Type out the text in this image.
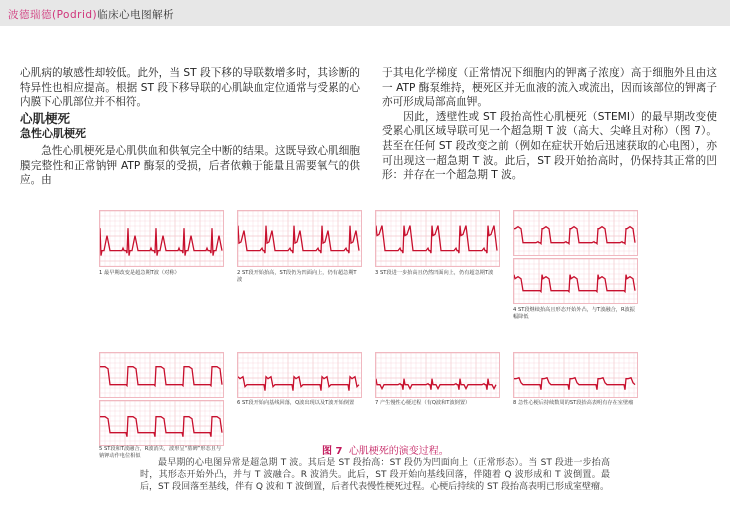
波德瑞德(Podrid)临床心电图解析

心肌病的敏感性却较低。此外，当 ST 段下移的导联数增多时，其诊断的特异性也相应提高。根据 ST 段下移导联的心肌缺血定位通常与受累的心内膜下心肌部位并不相符。

心肌梗死
急性心肌梗死

急性心肌梗死是心肌供血和供氧完全中断的结果。这既导致心肌细胞膜完整性和正常钠钾 ATP 酶泵的受损，后者依赖于能量且需要氧气的供应。由

于其电化学梯度（正常情况下细胞内的钾离子浓度）高于细胞外且由这一 ATP 酶泵维持，梗死区并无血液的流入或流出，因而该部位的钾离子亦可形成局部高血钾。

因此，透壁性或 ST 段抬高性心肌梗死（STEMI）的最早期改变使受累心肌区域导联可见一个超急期 T 波（高大、尖峰且对称）（图 7）。甚至在任何 ST 段改变之前（例如在症状开始后迅速获取的心电图），亦可出现这一超急期 T 波。此后，ST 段开始抬高时，仍保持其正常的凹形：并存在一个超急期 T 波。

1 最早期改变是超急期T波（对称）	2 ST段开始抬高，ST段仍为凹面向上，仍有超急期T波
3 ST段进一步抬高且仍然凹面向上，仍有超急期T波
4 ST段继续抬高且形态开始外凸，与T波融合，R波振幅降低
5 ST段和T波融合，R波消失，波形呈“墓碑”形态且与钠钾动作电位相似
6 ST段开始向基线回落，Q波出现以及T波开始倒置	7 产生慢性心梗过程（有Q波和T波倒置）	8 急性心梗后持续数周的ST段抬高表明有存在室壁瘤
图 7 心肌梗死的演变过程。
最早期的心电图异常是超急期 T 波。其后是 ST 段抬高：ST 段仍为凹面向上（正常形态）。当 ST 段进一步抬高时，其形态开始外凸，并与 T 波融合。R 波消失。此后，ST 段开始向基线回落，伴随着 Q 波形成和 T 波倒置。最后，ST 段回落至基线，伴有 Q 波和 T 波倒置，后者代表慢性梗死过程。心梗后持续的 ST 段抬高表明已形成室壁瘤。
